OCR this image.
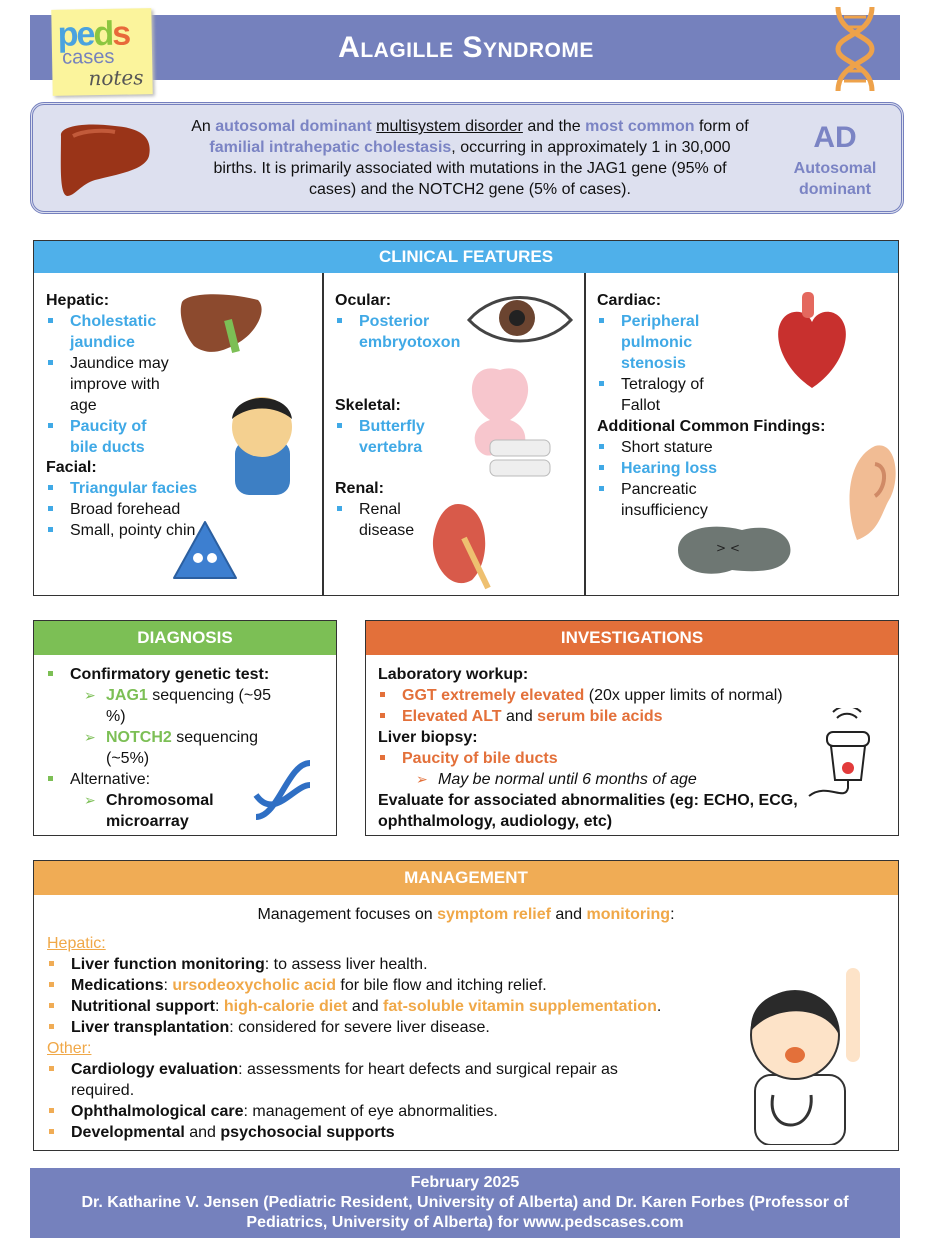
Alagille Syndrome
peds
cases
notes
An autosomal dominant multisystem disorder and the most common form of familial intrahepatic cholestasis, occurring in approximately 1 in 30,000 births. It is primarily associated with mutations in the JAG1 gene (95% of cases) and the NOTCH2 gene (5% of cases).
AD
Autosomal dominant
CLINICAL FEATURES
Hepatic:
Cholestatic jaundice
Jaundice may improve with age
Paucity of bile ducts
Facial:
Triangular facies
Broad forehead
Small, pointy chin
Ocular:
Posterior embryotoxon
Skeletal:
Butterfly vertebra
Renal:
Renal disease
Cardiac:
Peripheral pulmonic stenosis
Tetralogy of Fallot
Additional Common Findings:
Short stature
Hearing loss
Pancreatic insufficiency
> <
DIAGNOSIS
Confirmatory genetic test:
➢ JAG1 sequencing (~95 %)
➢ NOTCH2 sequencing (~5%)
Alternative:
➢ Chromosomal microarray
INVESTIGATIONS
Laboratory workup:
GGT extremely elevated (20x upper limits of normal)
Elevated ALT and serum bile acids
Liver biopsy:
Paucity of bile ducts
➢ May be normal until 6 months of age
Evaluate for associated abnormalities (eg: ECHO, ECG, ophthalmology, audiology, etc)
MANAGEMENT
Management focuses on symptom relief and monitoring:
Hepatic:
Liver function monitoring: to assess liver health.
Medications: ursodeoxycholic acid for bile flow and itching relief.
Nutritional support: high-calorie diet and fat-soluble vitamin supplementation.
Liver transplantation: considered for severe liver disease.
Other:
Cardiology evaluation: assessments for heart defects and surgical repair as required.
Ophthalmological care: management of eye abnormalities.
Developmental and psychosocial supports
February 2025
Dr. Katharine V. Jensen (Pediatric Resident, University of Alberta) and Dr. Karen Forbes (Professor of Pediatrics, University of Alberta) for www.pedscases.com
